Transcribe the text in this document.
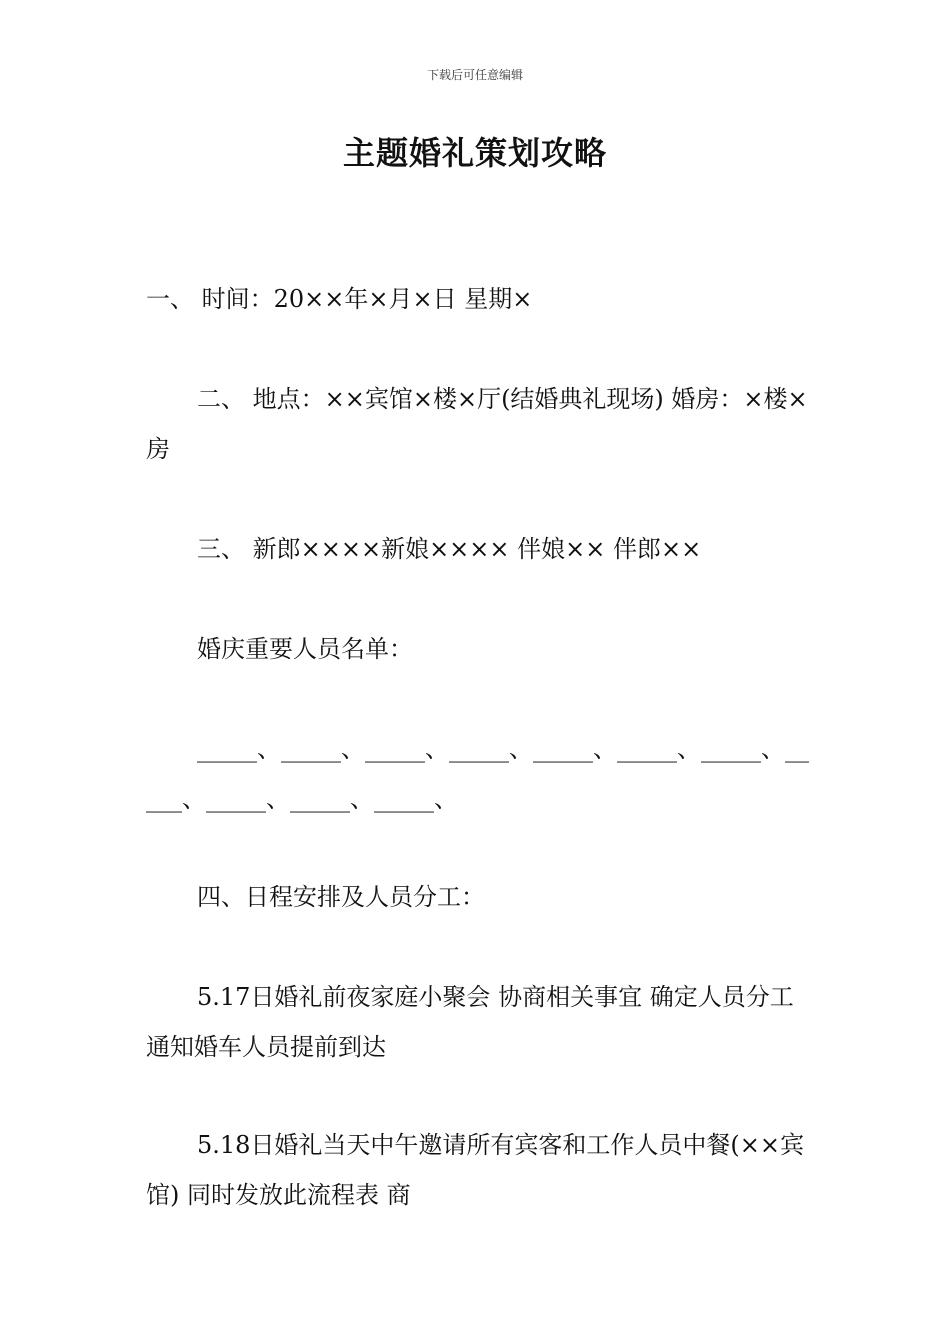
下载后可任意编辑
主题婚礼策划攻略
一、 时间：20××年×月×日 星期×
二、 地点：××宾馆×楼×厅(结婚典礼现场) 婚房：×楼×房
三、 新郎××××新娘×××× 伴娘×× 伴郎××
婚庆重要人员名单：
_____、_____、_____、_____、_____、_____、_____、_____、_____、_____、_____、
四、日程安排及人员分工：
5.17日婚礼前夜家庭小聚会 协商相关事宜 确定人员分工 通知婚车人员提前到达
5.18日婚礼当天中午邀请所有宾客和工作人员中餐(××宾馆) 同时发放此流程表 商
